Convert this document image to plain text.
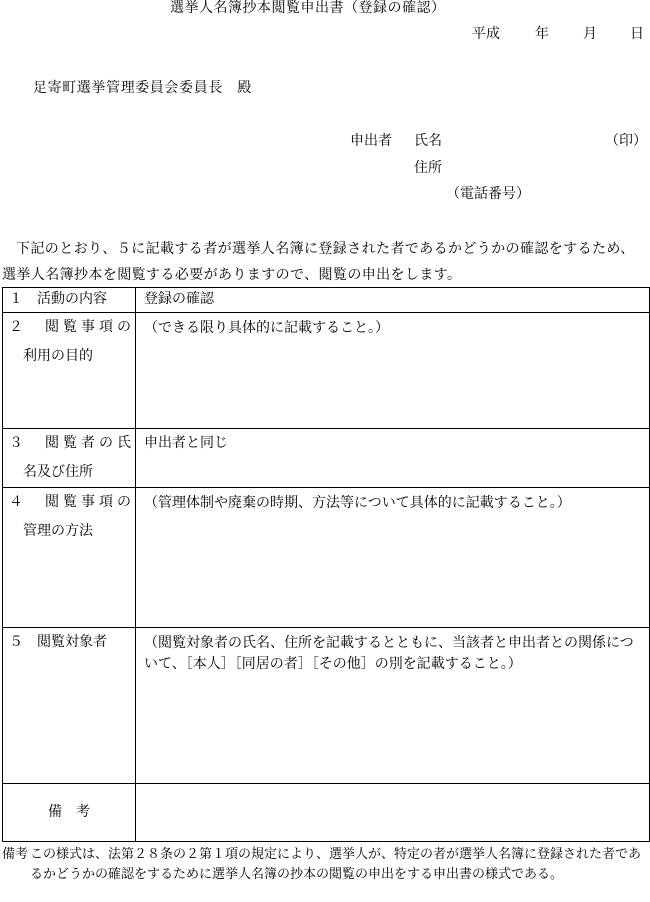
選挙人名簿抄本閲覧申出書（登録の確認）
平成	年 月 日
足寄町選挙管理委員会委員長　殿
申出者 氏名	（印）
住所
（電話番号）
下記のとおり、５に記載する者が選挙人名簿に登録された者であるかどうかの確認をするため、選挙人名簿抄本を閲覧する必要がありますので、閲覧の申出をします。
１　活動の内容	登録の確認

２　閲覧事項の
利用の目的	（できる限り具体的に記載すること。）

３　閲覧者の氏
名及び住所	申出者と同じ

４　閲覧事項の
管理の方法	（管理体制や廃棄の時期、方法等について具体的に記載すること。）

５　閲覧対象者	（閲覧対象者の氏名、住所を記載するとともに、当該者と申出者との関係について、［本人］［同居の者］［その他］の別を記載すること。）
備　考	
備考 この様式は、法第２８条の２第１項の規定により、選挙人が、特定の者が選挙人名簿に登録された者であるかどうかの確認をするために選挙人名簿の抄本の閲覧の申出をする申出書の様式である。
